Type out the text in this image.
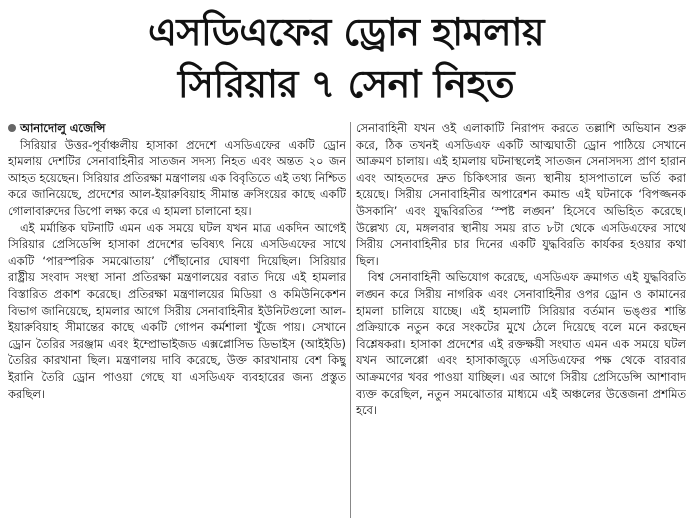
এসডিএফের ড্রোন হামলায়
সিরিয়ার ৭ সেনা নিহত
আনাদোলু এজেন্সি

সিরিয়ার উত্তর-পূর্বাঞ্চলীয় হাসাকা প্রদেশে এসডিএফের একটি ড্রোন হামলায় দেশটির সেনাবাহিনীর সাতজন সদস্য নিহত এবং অন্তত ২০ জন আহত হয়েছেন। সিরিয়ার প্রতিরক্ষা মন্ত্রণালয় এক বিবৃতিতে এই তথ্য নিশ্চিত করে জানিয়েছে, প্রদেশের আল-ইয়ারুবিয়াহ সীমান্ত ক্রসিংয়ের কাছে একটি গোলাবারুদের ডিপো লক্ষ্য করে এ হামলা চালানো হয়।

এই মর্মান্তিক ঘটনাটি এমন এক সময়ে ঘটল যখন মাত্র একদিন আগেই সিরিয়ার প্রেসিডেন্সি হাসাকা প্রদেশের ভবিষ্যৎ নিয়ে এসডিএফের সাথে একটি ‘পারস্পরিক সমঝোতায়’ পৌঁছানোর ঘোষণা দিয়েছিল। সিরিয়ার রাষ্ট্রীয় সংবাদ সংস্থা সানা প্রতিরক্ষা মন্ত্রণালয়ের বরাত দিয়ে এই হামলার বিস্তারিত প্রকাশ করেছে। প্রতিরক্ষা মন্ত্রণালয়ের মিডিয়া ও কমিউনিকেশন বিভাগ জানিয়েছে, হামলার আগে সিরীয় সেনাবাহিনীর ইউনিটগুলো আল-ইয়ারুবিয়াহ সীমান্তের কাছে একটি গোপন কর্মশালা খুঁজে পায়। সেখানে ড্রোন তৈরির সরঞ্জাম এবং ইম্প্রোভাইজড এক্সপ্লোসিভ ডিভাইস (আইইডি) তৈরির কারখানা ছিল। মন্ত্রণালয় দাবি করেছে, উক্ত কারখানায় বেশ কিছু ইরানি তৈরি ড্রোন পাওয়া গেছে যা এসডিএফ ব্যবহারের জন্য প্রস্তুত করছিল।

সেনাবাহিনী যখন ওই এলাকাটি নিরাপদ করতে তল্লাশি অভিযান শুরু করে, ঠিক তখনই এসডিএফ একটি আত্মঘাতী ড্রোন পাঠিয়ে সেখানে আক্রমণ চালায়। এই হামলায় ঘটনাস্থলেই সাতজন সেনাসদস্য প্রাণ হারান এবং আহতদের দ্রুত চিকিৎসার জন্য স্থানীয় হাসপাতালে ভর্তি করা হয়েছে। সিরীয় সেনাবাহিনীর অপারেশন কমান্ড এই ঘটনাকে ‘বিপজ্জনক উসকানি’ এবং যুদ্ধবিরতির ‘স্পষ্ট লঙ্ঘন’ হিসেবে অভিহিত করেছে। উল্লেখ্য যে, মঙ্গলবার স্থানীয় সময় রাত ৮টা থেকে এসডিএফের সাথে সিরীয় সেনাবাহিনীর চার দিনের একটি যুদ্ধবিরতি কার্যকর হওয়ার কথা ছিল।

বিশ্ব সেনাবাহিনী অভিযোগ করেছে, এসডিএফ ক্রমাগত এই যুদ্ধবিরতি লঙ্ঘন করে সিরীয় নাগরিক এবং সেনাবাহিনীর ওপর ড্রোন ও কামানের হামলা চালিয়ে যাচ্ছে। এই হামলাটি সিরিয়ার বর্তমান ভঙ্গুর শান্তি প্রক্রিয়াকে নতুন করে সংকটের মুখে ঠেলে দিয়েছে বলে মনে করছেন বিশ্লেষকরা। হাসাকা প্রদেশের এই রক্তক্ষয়ী সংঘাত এমন এক সময়ে ঘটল যখন আলেপ্পো এবং হাসাকাজুড়ে এসডিএফের পক্ষ থেকে বারবার আক্রমণের খবর পাওয়া যাচ্ছিল। এর আগে সিরীয় প্রেসিডেন্সি আশাবাদ ব্যক্ত করেছিল, নতুন সমঝোতার মাধ্যমে এই অঞ্চলের উত্তেজনা প্রশমিত হবে।
